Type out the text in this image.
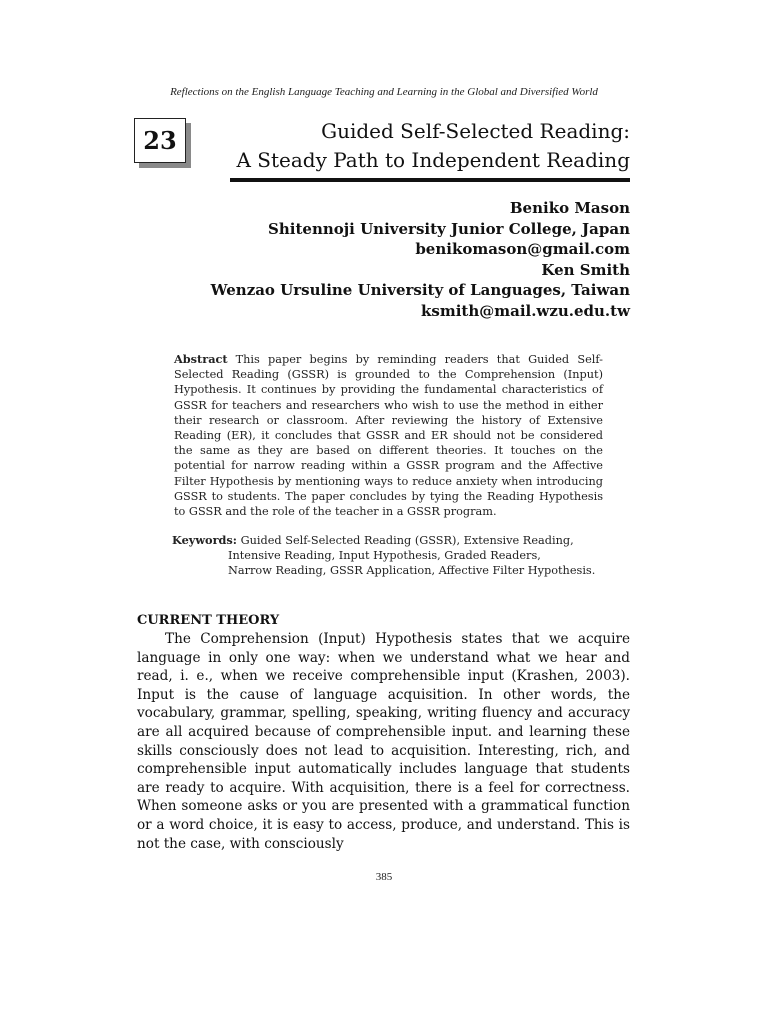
Reflections on the English Language Teaching and Learning in the Global and Diversified World
23	Guided Self-Selected Reading:
A Steady Path to Independent Reading
Beniko Mason
Shitennoji University Junior College, Japan
benikomason@gmail.com
Ken Smith
Wenzao Ursuline University of Languages, Taiwan
ksmith@mail.wzu.edu.tw
Abstract This paper begins by reminding readers that Guided Self-Selected Reading (GSSR) is grounded to the Comprehension (Input) Hypothesis. It continues by providing the fundamental characteristics of GSSR for teachers and researchers who wish to use the method in either their research or classroom. After reviewing the history of Extensive Reading (ER), it concludes that GSSR and ER should not be considered the same as they are based on different theories. It touches on the potential for narrow reading within a GSSR program and the Affective Filter Hypothesis by mentioning ways to reduce anxiety when introducing GSSR to students. The paper concludes by tying the Reading Hypothesis to GSSR and the role of the teacher in a GSSR program.
Keywords: Guided Self-Selected Reading (GSSR), Extensive Reading,
Intensive Reading, Input Hypothesis, Graded Readers,
Narrow Reading, GSSR Application, Affective Filter Hypothesis.
CURRENT THEORY
The Comprehension (Input) Hypothesis states that we acquire language in only one way: when we understand what we hear and read, i. e., when we receive comprehensible input (Krashen, 2003). Input is the cause of language acquisition. In other words, the vocabulary, grammar, spelling, speaking, writing fluency and accuracy are all acquired because of comprehensible input. and learning these skills consciously does not lead to acquisition. Interesting, rich, and comprehensible input automatically includes language that students are ready to acquire. With acquisition, there is a feel for correctness. When someone asks or you are presented with a grammatical function or a word choice, it is easy to access, produce, and understand. This is not the case, with consciously
385
